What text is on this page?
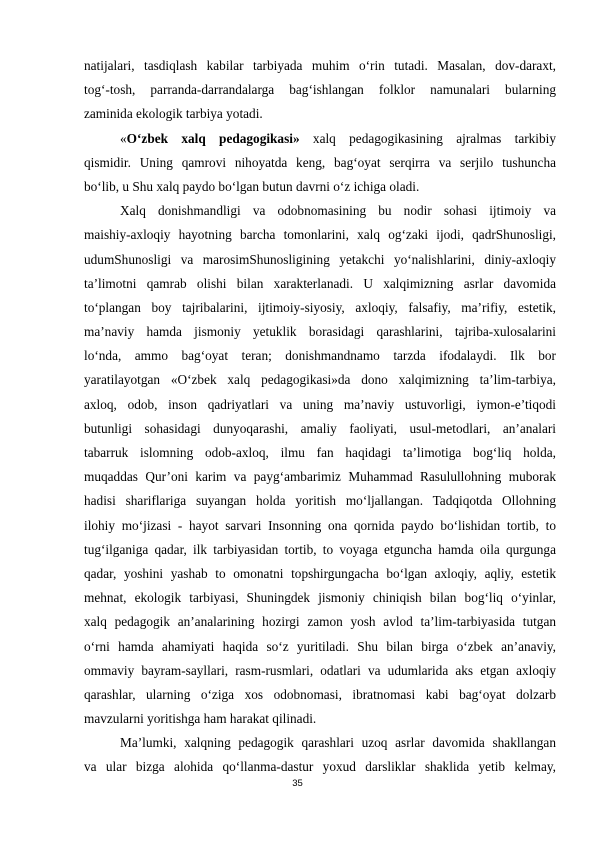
natijalari, tasdiqlash kabilar tarbiyada muhim o‘rin tutadi. Masalan, dov-daraxt,
tog‘-tosh, parranda-darrandalarga bag‘ishlangan folklor namunalari bularning
zaminida ekologik tarbiya yotadi.
«O‘zbek xalq pedagogikasi» xalq pedagogikasining ajralmas tarkibiy
qismidir. Uning qamrovi nihoyatda keng, bag‘oyat serqirra va serjilo tushuncha
bo‘lib, u Shu xalq paydo bo‘lgan butun davrni o‘z ichiga oladi.
Xalq donishmandligi va odobnomasining bu nodir sohasi ijtimoiy va
maishiy-axloqiy hayotning barcha tomonlarini, xalq og‘zaki ijodi, qadrShunosligi,
udumShunosligi va marosimShunosligining yetakchi yo‘nalishlarini, diniy-axloqiy
ta’limotni qamrab olishi bilan xarakterlanadi. U xalqimizning asrlar davomida
to‘plangan boy tajribalarini, ijtimoiy-siyosiy, axloqiy, falsafiy, ma’rifiy, estetik,
ma’naviy hamda jismoniy yetuklik borasidagi qarashlarini, tajriba-xulosalarini
lo‘nda, ammo bag‘oyat teran; donishmandnamo tarzda ifodalaydi. Ilk bor
yaratilayotgan «O‘zbek xalq pedagogikasi»da dono xalqimizning ta’lim-tarbiya,
axloq, odob, inson qadriyatlari va uning ma’naviy ustuvorligi, iymon-e’tiqodi
butunligi sohasidagi dunyoqarashi, amaliy faoliyati, usul-metodlari, an’analari
tabarruk islomning odob-axloq, ilmu fan haqidagi ta’limotiga bog‘liq holda,
muqaddas Qur’oni karim va payg‘ambarimiz Muhammad Rasulullohning muborak
hadisi shariflariga suyangan holda yoritish mo‘ljallangan. Tadqiqotda Ollohning
ilohiy mo‘jizasi - hayot sarvari Insonning ona qornida paydo bo‘lishidan tortib, to
tug‘ilganiga qadar, ilk tarbiyasidan tortib, to voyaga etguncha hamda oila qurgunga
qadar, yoshini yashab to omonatni topshirgungacha bo‘lgan axloqiy, aqliy, estetik
mehnat, ekologik tarbiyasi, Shuningdek jismoniy chiniqish bilan bog‘liq o‘yinlar,
xalq pedagogik an’analarining hozirgi zamon yosh avlod ta’lim-tarbiyasida tutgan
o‘rni hamda ahamiyati haqida so‘z yuritiladi. Shu bilan birga o‘zbek an’anaviy,
ommaviy bayram-sayllari, rasm-rusmlari, odatlari va udumlarida aks etgan axloqiy
qarashlar, ularning o‘ziga xos odobnomasi, ibratnomasi kabi bag‘oyat dolzarb
mavzularni yoritishga ham harakat qilinadi.
Ma’lumki, xalqning pedagogik qarashlari uzoq asrlar davomida shakllangan
va ular bizga alohida qo‘llanma-dastur yoxud darsliklar shaklida yetib kelmay,
35
